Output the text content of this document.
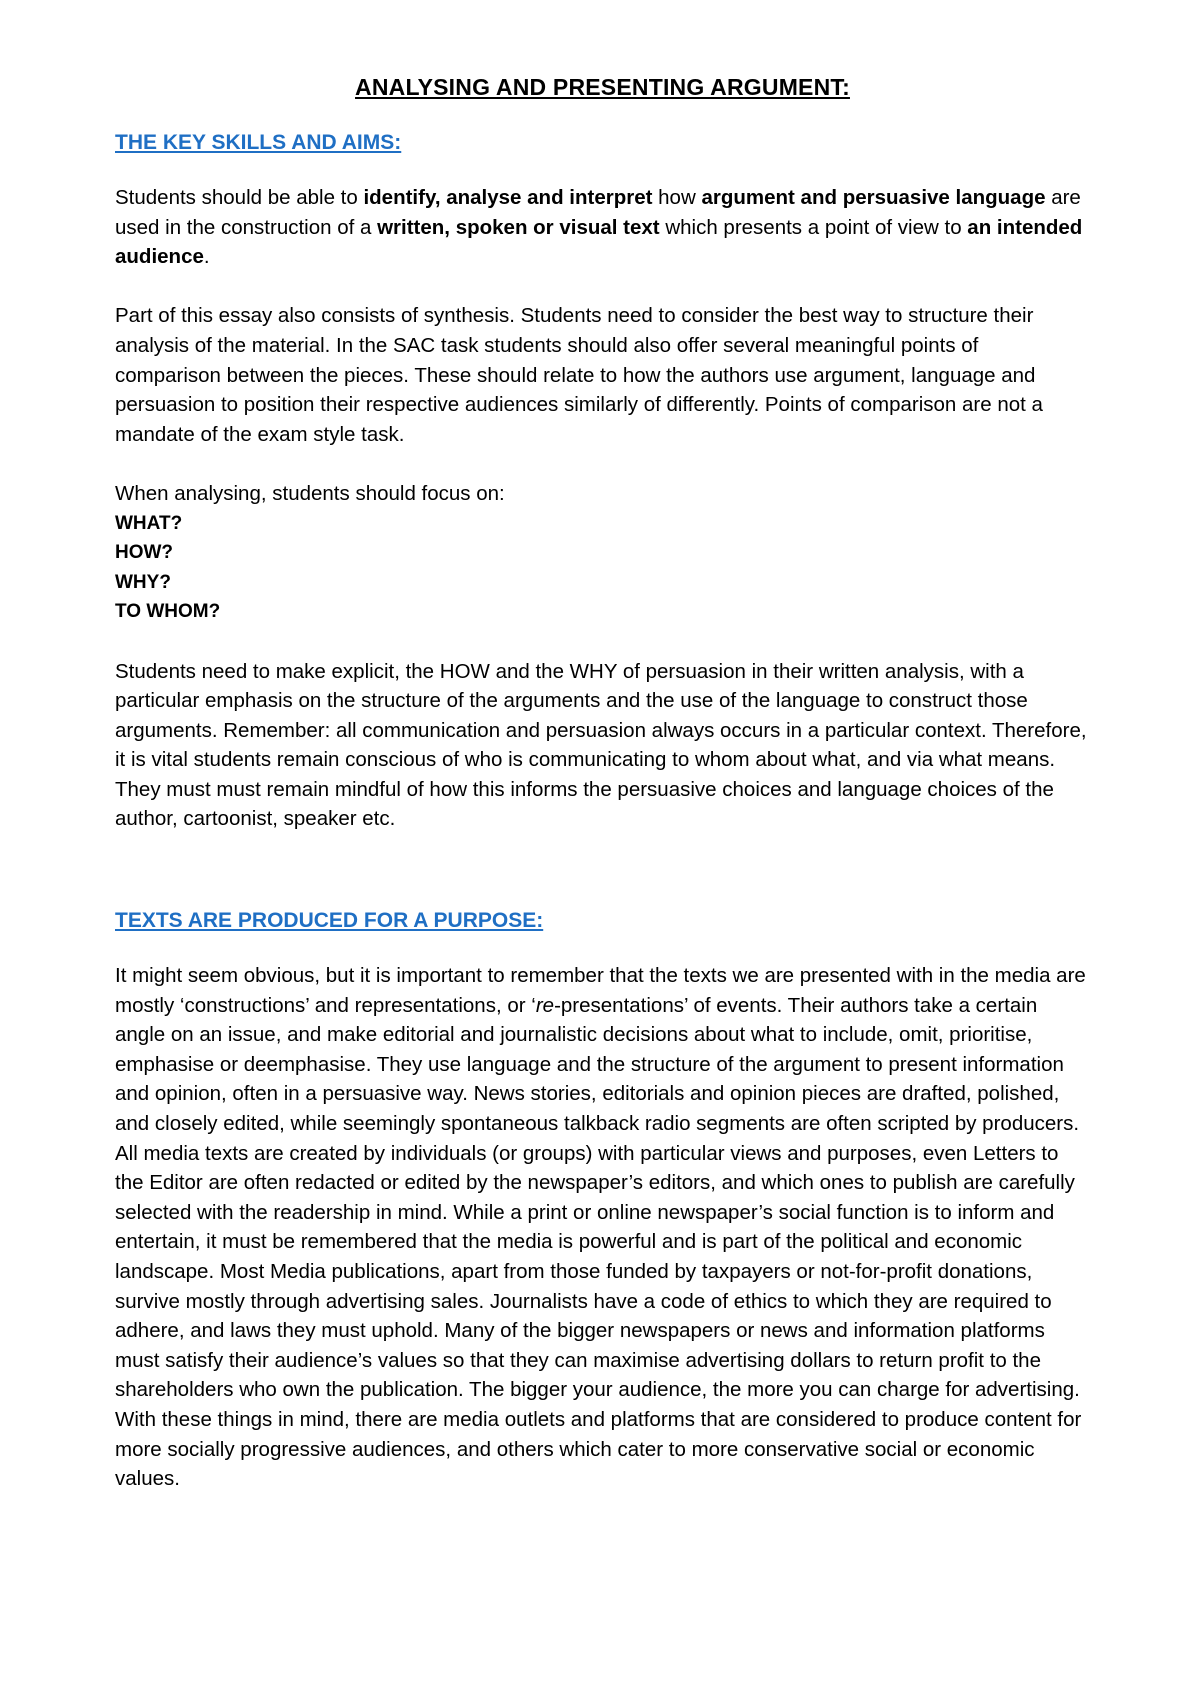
ANALYSING AND PRESENTING ARGUMENT:
THE KEY SKILLS AND AIMS:

Students should be able to identify, analyse and interpret how argument and persuasive language are used in the construction of a written, spoken or visual text which presents a point of view to an intended audience.

Part of this essay also consists of synthesis. Students need to consider the best way to structure their analysis of the material. In the SAC task students should also offer several meaningful points of comparison between the pieces. These should relate to how the authors use argument, language and persuasion to position their respective audiences similarly of differently. Points of comparison are not a mandate of the exam style task.

When analysing, students should focus on:

WHAT?
HOW?
WHY?
TO WHOM?

Students need to make explicit, the HOW and the WHY of persuasion in their written analysis, with a particular emphasis on the structure of the arguments and the use of the language to construct those arguments. Remember: all communication and persuasion always occurs in a particular context. Therefore, it is vital students remain conscious of who is communicating to whom about what, and via what means. They must must remain mindful of how this informs the persuasive choices and language choices of the author, cartoonist, speaker etc.

TEXTS ARE PRODUCED FOR A PURPOSE:

It might seem obvious, but it is important to remember that the texts we are presented with in the media are mostly ‘constructions’ and representations, or ‘re-presentations’ of events. Their authors take a certain angle on an issue, and make editorial and journalistic decisions about what to include, omit, prioritise, emphasise or deemphasise. They use language and the structure of the argument to present information and opinion, often in a persuasive way. News stories, editorials and opinion pieces are drafted, polished, and closely edited, while seemingly spontaneous talkback radio segments are often scripted by producers. All media texts are created by individuals (or groups) with particular views and purposes, even Letters to the Editor are often redacted or edited by the newspaper’s editors, and which ones to publish are carefully selected with the readership in mind. While a print or online newspaper’s social function is to inform and entertain, it must be remembered that the media is powerful and is part of the political and economic landscape. Most Media publications, apart from those funded by taxpayers or not-for-profit donations, survive mostly through advertising sales. Journalists have a code of ethics to which they are required to adhere, and laws they must uphold. Many of the bigger newspapers or news and information platforms must satisfy their audience’s values so that they can maximise advertising dollars to return profit to the shareholders who own the publication. The bigger your audience, the more you can charge for advertising. With these things in mind, there are media outlets and platforms that are considered to produce content for more socially progressive audiences, and others which cater to more conservative social or economic values.
